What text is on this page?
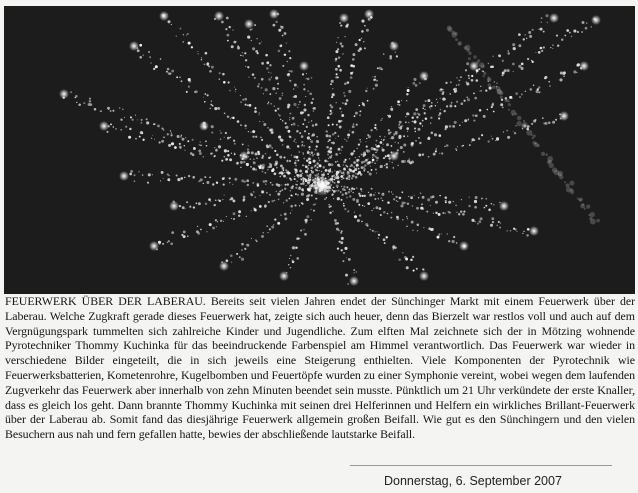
FEUERWERK ÜBER DER LABERAU. Bereits seit vielen Jahren endet der Sünchinger Markt mit einem Feuerwerk über der Laberau. Welche Zugkraft gerade dieses Feuerwerk hat, zeigte sich auch heuer, denn das Bierzelt war restlos voll und auch auf dem Vergnügungspark tummelten sich zahlreiche Kinder und Jugendliche. Zum elften Mal zeichnete sich der in Mötzing wohnende Pyrotechniker Thommy Kuchinka für das beeindruckende Farbenspiel am Himmel verantwortlich. Das Feuerwerk war wieder in verschiedene Bilder eingeteilt, die in sich jeweils eine Steigerung enthielten. Viele Komponenten der Pyrotechnik wie Feuerwerksbatterien, Kometenrohre, Kugelbomben und Feuertöpfe wurden zu einer Symphonie vereint, wobei wegen dem laufenden Zugverkehr das Feuerwerk aber innerhalb von zehn Minuten beendet sein musste. Pünktlich um 21 Uhr verkündete der erste Knaller, dass es gleich los geht. Dann brannte Thommy Kuchinka mit seinen drei Helferinnen und Helfern ein wirkliches Brillant-Feuerwerk über der Laberau ab. Somit fand das diesjährige Feuerwerk allgemein großen Beifall. Wie gut es den Sünchingern und den vielen Besuchern aus nah und fern gefallen hatte, bewies der abschließende lautstarke Beifall.
Donnerstag, 6. September 2007
